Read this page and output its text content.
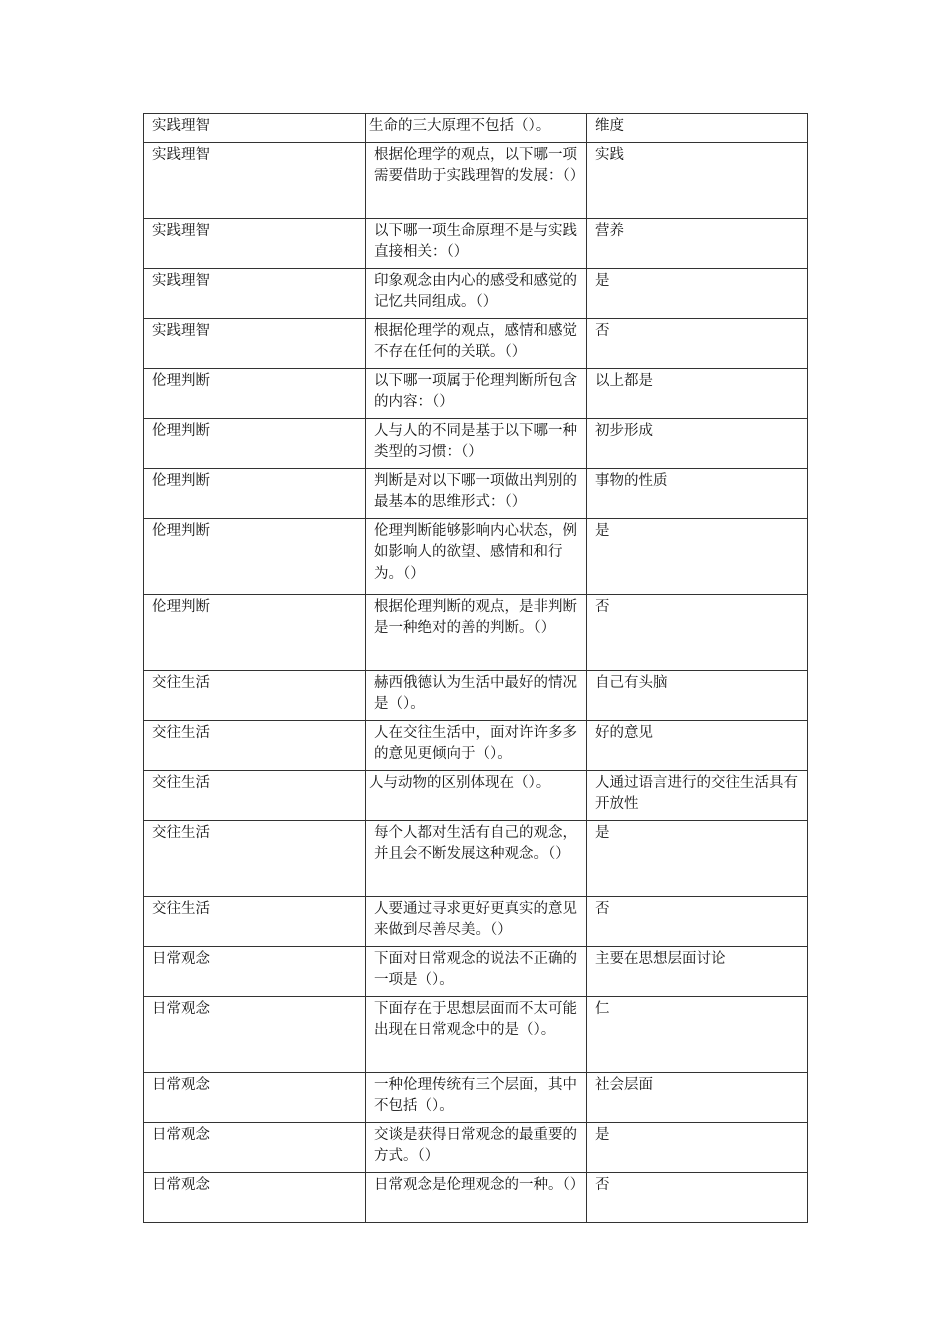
实践理智	生命的三大原理不包括（）。	维度
实践理智	根据伦理学的观点，以下哪一项需要借助于实践理智的发展：（）	实践
实践理智	以下哪一项生命原理不是与实践直接相关：（）	营养
实践理智	印象观念由内心的感受和感觉的记忆共同组成。（）	是
实践理智	根据伦理学的观点，感情和感觉不存在任何的关联。（）	否
伦理判断	以下哪一项属于伦理判断所包含的内容：（）	以上都是
伦理判断	人与人的不同是基于以下哪一种类型的习惯：（）	初步形成
伦理判断	判断是对以下哪一项做出判别的最基本的思维形式：（）	事物的性质
伦理判断	伦理判断能够影响内心状态，例如影响人的欲望、感情和和行为。（）	是
伦理判断	根据伦理判断的观点，是非判断是一种绝对的善的判断。（）	否
交往生活	赫西俄德认为生活中最好的情况是（）。	自己有头脑
交往生活	人在交往生活中，面对许许多多的意见更倾向于（）。	好的意见
交往生活	人与动物的区别体现在（）。	人通过语言进行的交往生活具有开放性
交往生活	每个人都对生活有自己的观念，并且会不断发展这种观念。（）	是
交往生活	人要通过寻求更好更真实的意见来做到尽善尽美。（）	否
日常观念	下面对日常观念的说法不正确的一项是（）。	主要在思想层面讨论
日常观念	下面存在于思想层面而不太可能出现在日常观念中的是（）。	仁
日常观念	一种伦理传统有三个层面，其中不包括（）。	社会层面
日常观念	交谈是获得日常观念的最重要的方式。（）	是
日常观念	日常观念是伦理观念的一种。（）	否
